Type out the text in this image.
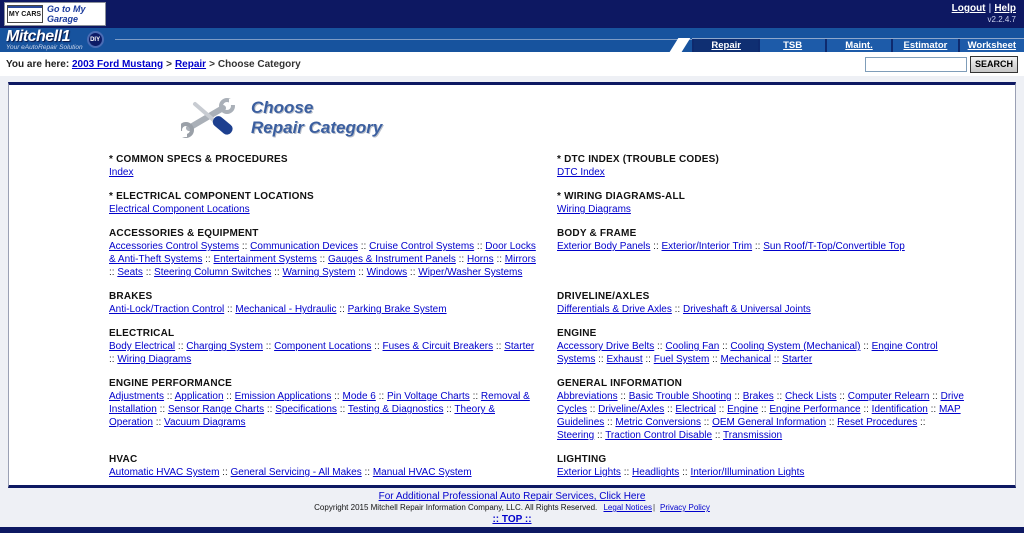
MY CARS
Go to My Garage
Logout | Help
v2.2.4.7
Mitchell1
Your eAutoRepair Solution
DIY
Repair	TSB	Maint.	Estimator	Worksheet
You are here: 2003 Ford Mustang > Repair > Choose Category	SEARCH
Choose
Repair Category
* COMMON SPECS & PROCEDURES
Index
* DTC INDEX (TROUBLE CODES)
DTC Index
* ELECTRICAL COMPONENT LOCATIONS
Electrical Component Locations
* WIRING DIAGRAMS-ALL
Wiring Diagrams
ACCESSORIES & EQUIPMENT
Accessories Control Systems :: Communication Devices :: Cruise Control Systems :: Door Locks & Anti-Theft Systems :: Entertainment Systems :: Gauges & Instrument Panels :: Horns :: Mirrors :: Seats :: Steering Column Switches :: Warning System :: Windows :: Wiper/Washer Systems
BODY & FRAME
Exterior Body Panels :: Exterior/Interior Trim :: Sun Roof/T-Top/Convertible Top
BRAKES
Anti-Lock/Traction Control :: Mechanical - Hydraulic :: Parking Brake System
DRIVELINE/AXLES
Differentials & Drive Axles :: Driveshaft & Universal Joints
ELECTRICAL
Body Electrical :: Charging System :: Component Locations :: Fuses & Circuit Breakers :: Starter :: Wiring Diagrams
ENGINE
Accessory Drive Belts :: Cooling Fan :: Cooling System (Mechanical) :: Engine Control Systems :: Exhaust :: Fuel System :: Mechanical :: Starter
ENGINE PERFORMANCE
Adjustments :: Application :: Emission Applications :: Mode 6 :: Pin Voltage Charts :: Removal & Installation :: Sensor Range Charts :: Specifications :: Testing & Diagnostics :: Theory & Operation :: Vacuum Diagrams
GENERAL INFORMATION
Abbreviations :: Basic Trouble Shooting :: Brakes :: Check Lists :: Computer Relearn :: Drive Cycles :: Driveline/Axles :: Electrical :: Engine :: Engine Performance :: Identification :: MAP Guidelines :: Metric Conversions :: OEM General Information :: Reset Procedures :: Steering :: Traction Control Disable :: Transmission
HVAC
Automatic HVAC System :: General Servicing - All Makes :: Manual HVAC System
LIGHTING
Exterior Lights :: Headlights :: Interior/Illumination Lights
For Additional Professional Auto Repair Services, Click Here
Copyright 2015 Mitchell Repair Information Company, LLC. All Rights Reserved. Legal Notices| Privacy Policy
:: TOP ::
